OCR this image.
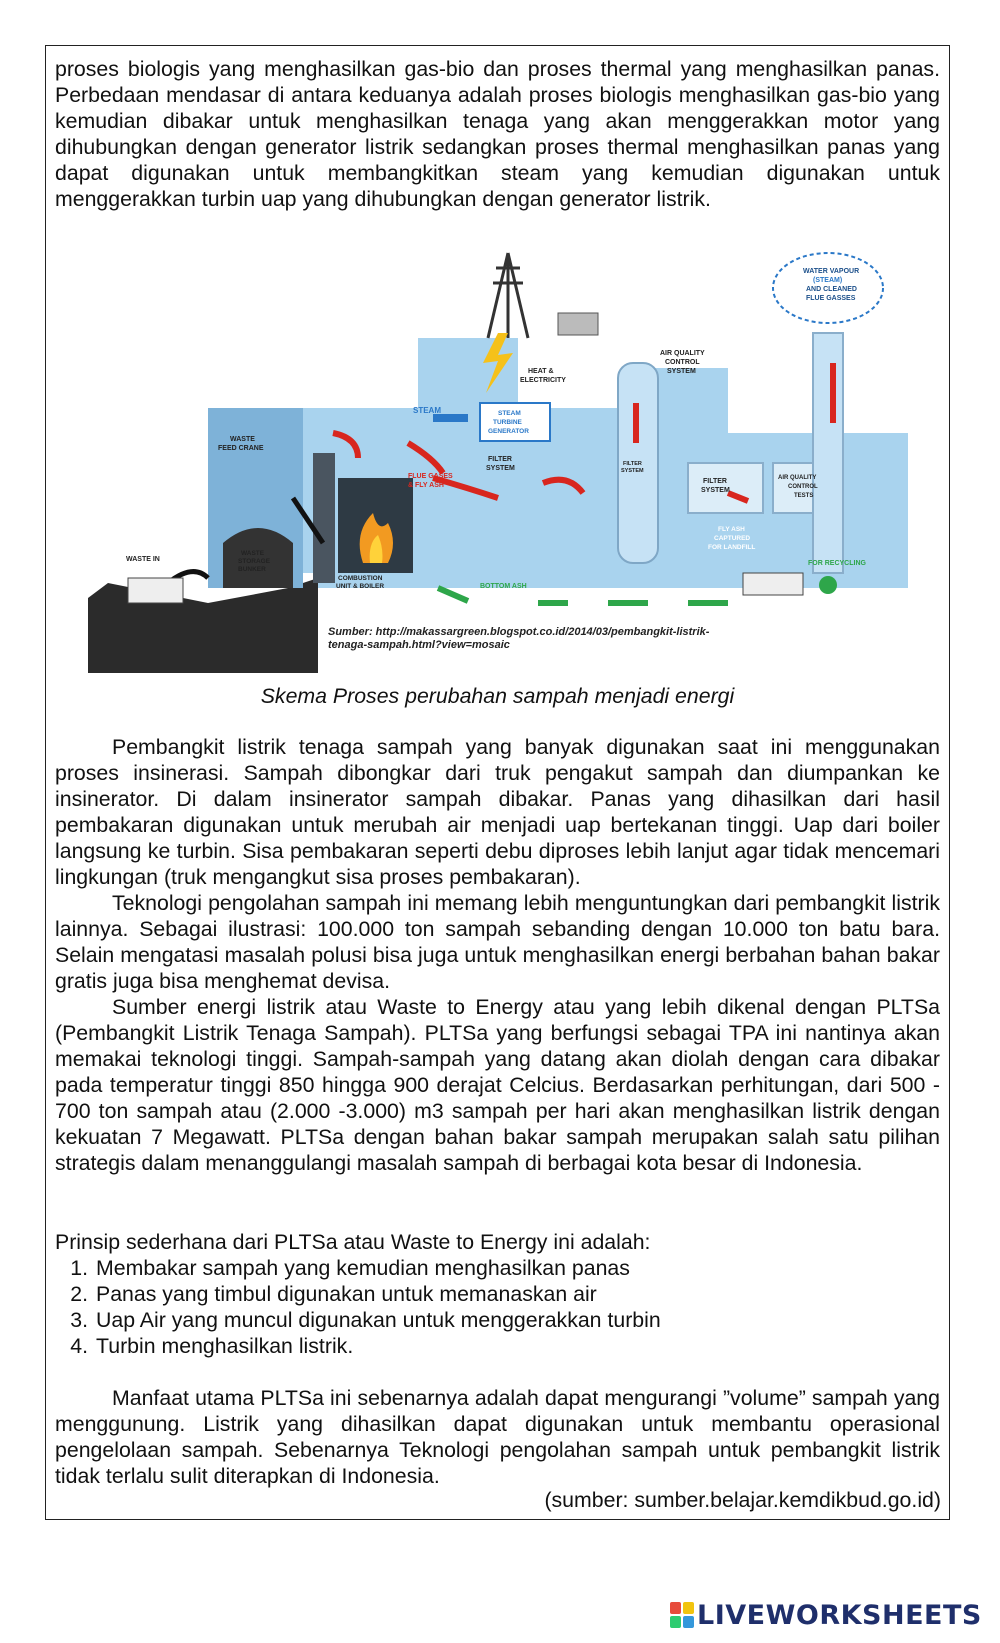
proses biologis yang menghasilkan gas-bio dan proses thermal yang menghasilkan panas. Perbedaan mendasar di antara keduanya adalah proses biologis menghasilkan gas-bio yang kemudian dibakar untuk menghasilkan tenaga yang akan menggerakkan motor yang dihubungkan dengan generator listrik sedangkan proses thermal menghasilkan panas yang dapat digunakan untuk membangkitkan steam yang kemudian digunakan untuk menggerakkan turbin uap yang dihubungkan dengan generator listrik.

WATER VAPOUR
(STEAM)
AND CLEANED
FLUE GASSES
HEAT &
ELECTRICITY
AIR QUALITY
CONTROL
SYSTEM
STEAM	STEAM
TURBINE
GENERATOR
FILTER
SYSTEM
FILTER
SYSTEM
FILTER
SYSTEM
AIR QUALITY
CONTROL
TESTS
FLUE GASES
& FLY ASH
WASTE
FEED CRANE
WASTE IN
WASTE
STORAGE
BUNKER
COMBUSTION
UNIT & BOILER	BOTTOM ASH
FLY ASH
CAPTURED
FOR LANDFILL
FOR RECYCLING
Sumber: http://makassargreen.blogspot.co.id/2014/03/pembangkit-listrik-
tenaga-sampah.html?view=mosaic
Skema Proses perubahan sampah menjadi energi

Pembangkit listrik tenaga sampah yang banyak digunakan saat ini menggunakan proses insinerasi. Sampah dibongkar dari truk pengakut sampah dan diumpankan ke insinerator. Di dalam insinerator sampah dibakar. Panas yang dihasilkan dari hasil pembakaran digunakan untuk merubah air menjadi uap bertekanan tinggi. Uap dari boiler langsung ke turbin. Sisa pembakaran seperti debu diproses lebih lanjut agar tidak mencemari lingkungan (truk mengangkut sisa proses pembakaran).

Teknologi pengolahan sampah ini memang lebih menguntungkan dari pembangkit listrik lainnya. Sebagai ilustrasi: 100.000 ton sampah sebanding dengan 10.000 ton batu bara. Selain mengatasi masalah polusi bisa juga untuk menghasilkan energi berbahan bahan bakar gratis juga bisa menghemat devisa.

Sumber energi listrik atau Waste to Energy atau yang lebih dikenal dengan PLTSa (Pembangkit Listrik Tenaga Sampah). PLTSa yang berfungsi sebagai TPA ini nantinya akan memakai teknologi tinggi. Sampah-sampah yang datang akan diolah dengan cara dibakar pada temperatur tinggi 850 hingga 900 derajat Celcius. Berdasarkan perhitungan, dari 500 - 700 ton sampah atau (2.000 -3.000) m3 sampah per hari akan menghasilkan listrik dengan kekuatan 7 Megawatt. PLTSa dengan bahan bakar sampah merupakan salah satu pilihan strategis dalam menanggulangi masalah sampah di berbagai kota besar di Indonesia.

Prinsip sederhana dari PLTSa atau Waste to Energy ini adalah:

1. Membakar sampah yang kemudian menghasilkan panas
2. Panas yang timbul digunakan untuk memanaskan air
3. Uap Air yang muncul digunakan untuk menggerakkan turbin
4. Turbin menghasilkan listrik.

Manfaat utama PLTSa ini sebenarnya adalah dapat mengurangi ”volume” sampah yang menggunung. Listrik yang dihasilkan dapat digunakan untuk membantu operasional pengelolaan sampah. Sebenarnya Teknologi pengolahan sampah untuk pembangkit listrik tidak terlalu sulit diterapkan di Indonesia.

(sumber: sumber.belajar.kemdikbud.go.id)
LIVEWORKSHEETS
